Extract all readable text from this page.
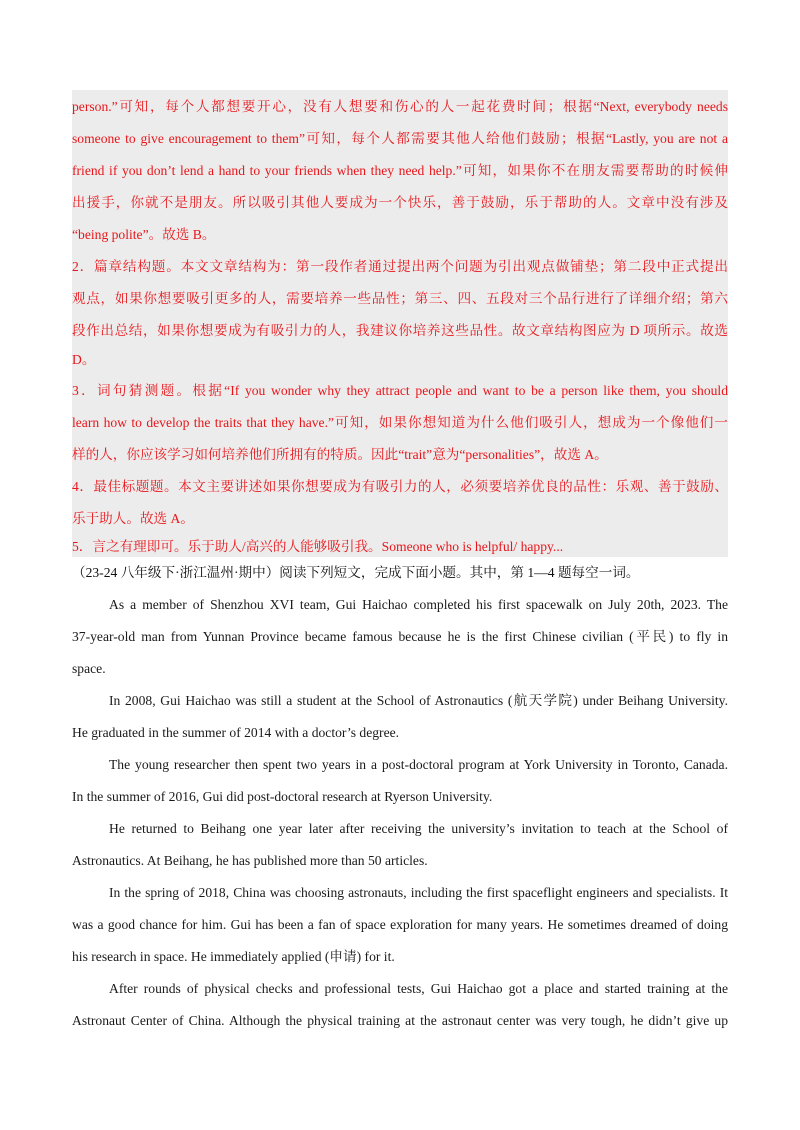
person.”可知，每个人都想要开心，没有人想要和伤心的人一起花费时间；根据“Next, everybody needs
someone to give encouragement to them”可知，每个人都需要其他人给他们鼓励；根据“Lastly, you are not a
friend if you don’t lend a hand to your friends when they need help.”可知，如果你不在朋友需要帮助的时候伸
出援手，你就不是朋友。所以吸引其他人要成为一个快乐，善于鼓励，乐于帮助的人。文章中没有涉及
“being polite”。故选 B。
2．篇章结构题。本文文章结构为：第一段作者通过提出两个问题为引出观点做铺垫；第二段中正式提出
观点，如果你想要吸引更多的人，需要培养一些品性；第三、四、五段对三个品行进行了详细介绍；第六
段作出总结，如果你想要成为有吸引力的人，我建议你培养这些品性。故文章结构图应为 D 项所示。故选
D。
3．词句猜测题。根据“If you wonder why they attract people and want to be a person like them, you should
learn how to develop the traits that they have.”可知，如果你想知道为什么他们吸引人，想成为一个像他们一
样的人，你应该学习如何培养他们所拥有的特质。因此“trait”意为“personalities”，故选 A。
4．最佳标题题。本文主要讲述如果你想要成为有吸引力的人，必须要培养优良的品性：乐观、善于鼓励、
乐于助人。故选 A。
5．言之有理即可。乐于助人/高兴的人能够吸引我。Someone who is helpful/ happy...
（23-24 八年级下·浙江温州·期中）阅读下列短文，完成下面小题。其中，第 1—4 题每空一词。
As a member of Shenzhou XVI team, Gui Haichao completed his first spacewalk on July 20th, 2023. The
37-year-old man from Yunnan Province became famous because he is the first Chinese civilian (平民) to fly in
space.
In 2008, Gui Haichao was still a student at the School of Astronautics (航天学院) under Beihang University.
He graduated in the summer of 2014 with a doctor’s degree.
The young researcher then spent two years in a post-doctoral program at York University in Toronto, Canada.
In the summer of 2016, Gui did post-doctoral research at Ryerson University.
He returned to Beihang one year later after receiving the university’s invitation to teach at the School of
Astronautics. At Beihang, he has published more than 50 articles.
In the spring of 2018, China was choosing astronauts, including the first spaceflight engineers and specialists. It
was a good chance for him. Gui has been a fan of space exploration for many years. He sometimes dreamed of doing
his research in space. He immediately applied (申请) for it.
After rounds of physical checks and professional tests, Gui Haichao got a place and started training at the
Astronaut Center of China. Although the physical training at the astronaut center was very tough, he didn’t give up
